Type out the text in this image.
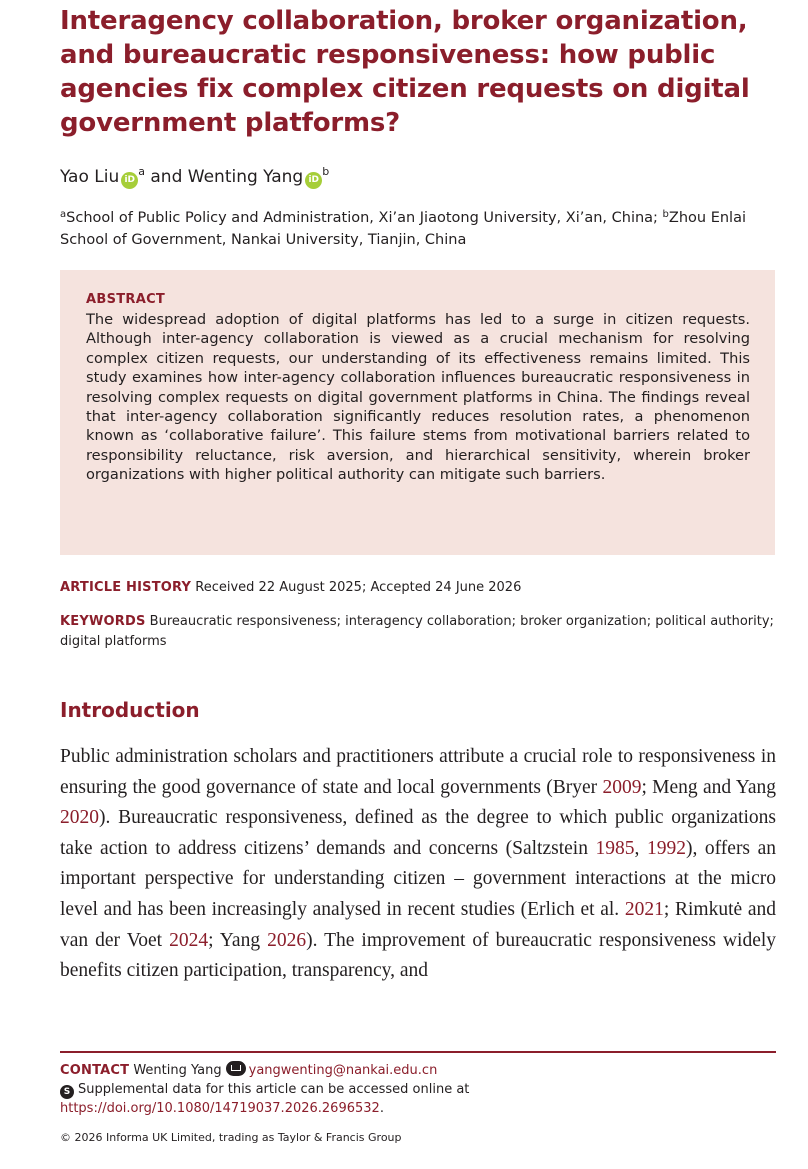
Interagency collaboration, broker organization, and bureaucratic responsiveness: how public agencies fix complex citizen requests on digital government platforms?
Yao Liu $iD^a$ and Wenting Yang $iD^b$
$^a$School of Public Policy and Administration, Xi’an Jiaotong University, Xi’an, China; $^b$Zhou Enlai School of Government, Nankai University, Tianjin, China
ABSTRACT

The widespread adoption of digital platforms has led to a surge in citizen requests. Although inter-agency collaboration is viewed as a crucial mechanism for resolving complex citizen requests, our understanding of its effectiveness remains limited. This study examines how inter-agency collaboration influences bureaucratic responsiveness in resolving complex requests on digital government platforms in China. The findings reveal that inter-agency collaboration significantly reduces resolution rates, a phenomenon known as ‘collaborative failure’. This failure stems from motivational barriers related to responsibility reluctance, risk aversion, and hierarchical sensitivity, wherein broker organizations with higher political authority can mitigate such barriers.

ARTICLE HISTORY Received 22 August 2025; Accepted 24 June 2026
KEYWORDS Bureaucratic responsiveness; interagency collaboration; broker organization; political authority; digital platforms
Introduction

Public administration scholars and practitioners attribute a crucial role to responsiveness in ensuring the good governance of state and local governments (Bryer 2009; Meng and Yang 2020). Bureaucratic responsiveness, defined as the degree to which public organizations take action to address citizens’ demands and concerns (Saltzstein 1985, 1992), offers an important perspective for understanding citizen – government interactions at the micro level and has been increasingly analysed in recent studies (Erlich et al. 2021; Rimkutė and van der Voet 2024; Yang 2026). The improvement of bureaucratic responsiveness widely benefits citizen participation, transparency, and

CONTACT Wenting Yang yangwenting@nankai.edu.cn
S Supplemental data for this article can be accessed online at https://doi.org/10.1080/14719037.2026.2696532.
© 2026 Informa UK Limited, trading as Taylor & Francis Group
